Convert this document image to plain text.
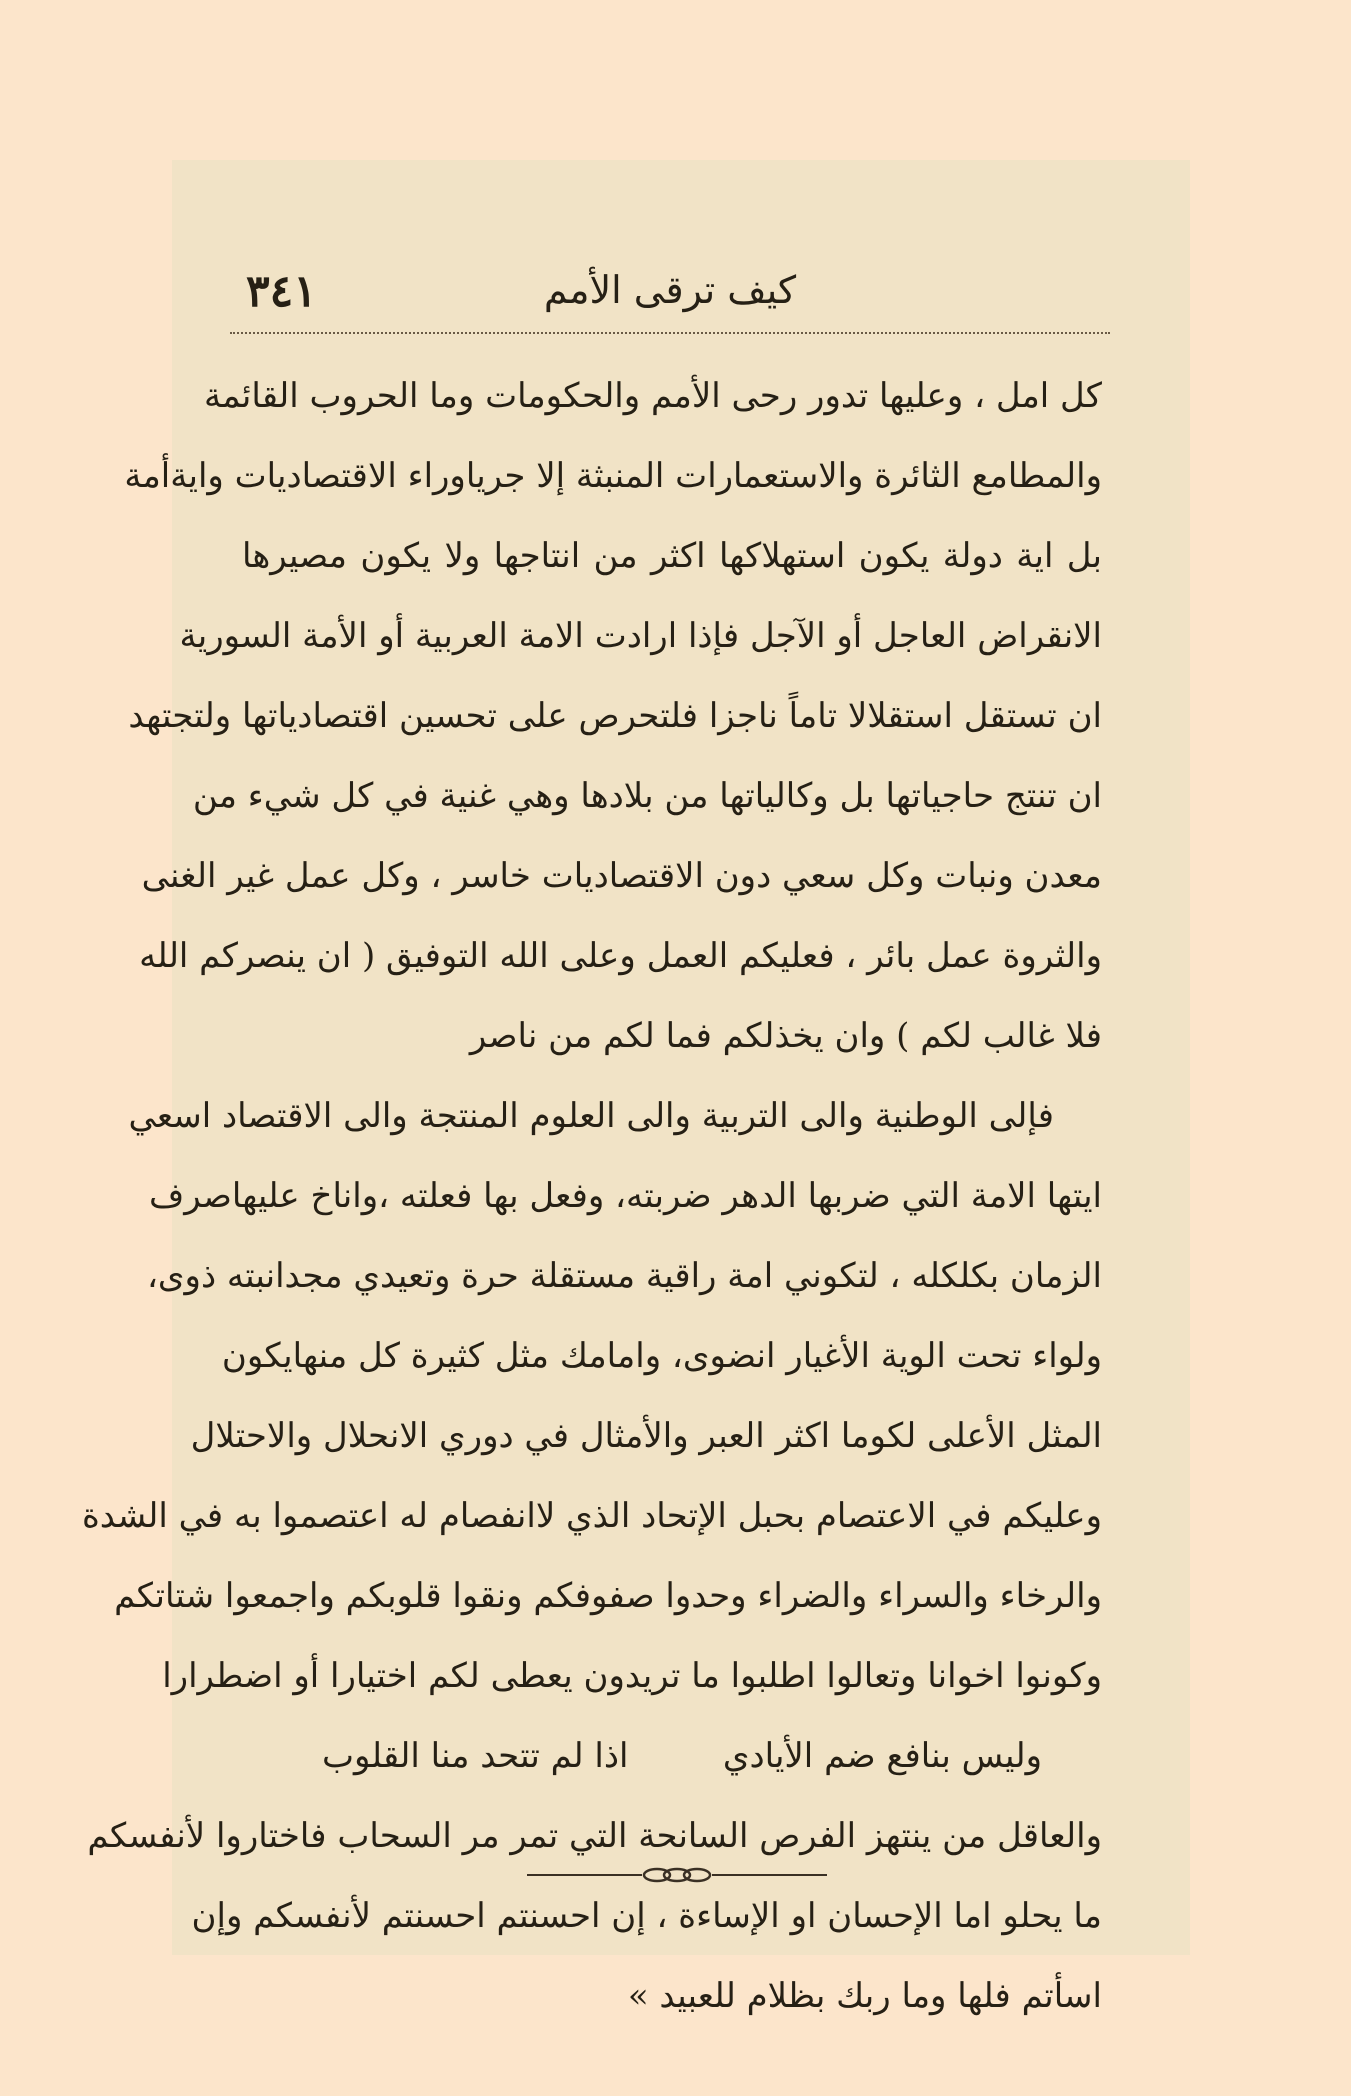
٣٤١	كيف ترقى الأمم
كل امل ، وعليها تدور رحى الأمم والحكومات وما الحروب القائمة
والمطامع الثائرة والاستعمارات المنبثة إلا جرياوراء الاقتصاديات وايةأمة
بل اية دولة يكون استهلاكها اكثر من انتاجها ولا يكون مصيرها
الانقراض العاجل أو الآجل فإذا ارادت الامة العربية أو الأمة السورية
ان تستقل استقلالا تاماً ناجزا فلتحرص على تحسين اقتصادياتها ولتجتهد
ان تنتج حاجياتها بل وكالياتها من بلادها وهي غنية في كل شيء من
معدن ونبات وكل سعي دون الاقتصاديات خاسر ، وكل عمل غير الغنى
والثروة عمل بائر ، فعليكم العمل وعلى الله التوفيق ( ان ينصركم الله
فلا غالب لكم ) وان يخذلكم فما لكم من ناصر
فإلى الوطنية والى التربية والى العلوم المنتجة والى الاقتصاد اسعي
ايتها الامة التي ضربها الدهر ضربته، وفعل بها فعلته ،واناخ عليهاصرف
الزمان بكلكله ، لتكوني امة راقية مستقلة حرة وتعيدي مجدانبته ذوى،
ولواء تحت الوية الأغيار انضوى، وامامك مثل كثيرة كل منهايكون
المثل الأعلى لكوما اكثر العبر والأمثال في دوري الانحلال والاحتلال
وعليكم في الاعتصام بحبل الإتحاد الذي لاانفصام له اعتصموا به في الشدة
والرخاء والسراء والضراء وحدوا صفوفكم ونقوا قلوبكم واجمعوا شتاتكم
وكونوا اخوانا وتعالوا اطلبوا ما تريدون يعطى لكم اختيارا أو اضطرارا
وليس بنافع ضم الأيادي
اذا لم تتحد منا القلوب
والعاقل من ينتهز الفرص السانحة التي تمر مر السحاب فاختاروا لأنفسكم
ما يحلو اما الإحسان او الإساءة ، إن احسنتم احسنتم لأنفسكم وإن
اسأتم فلها وما ربك بظلام للعبيد »
